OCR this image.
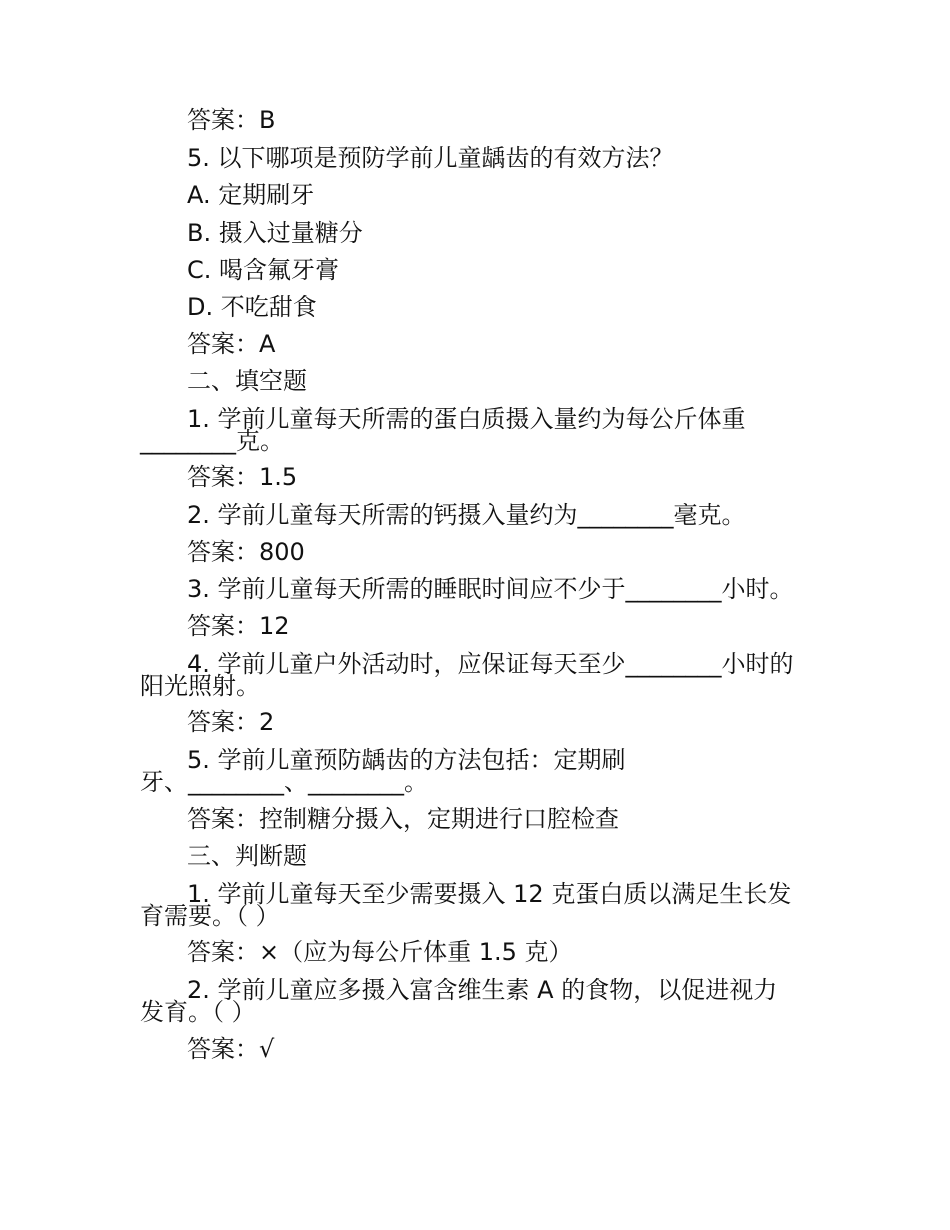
答案：B
5. 以下哪项是预防学前儿童龋齿的有效方法？
A. 定期刷牙
B. 摄入过量糖分
C. 喝含氟牙膏
D. 不吃甜食
答案：A
二、填空题
1. 学前儿童每天所需的蛋白质摄入量约为每公斤体重
________克。
答案：1.5
2. 学前儿童每天所需的钙摄入量约为________毫克。
答案：800
3. 学前儿童每天所需的睡眠时间应不少于________小时。
答案：12
4. 学前儿童户外活动时，应保证每天至少________小时的
阳光照射。
答案：2
5. 学前儿童预防龋齿的方法包括：定期刷
牙、________、________。
答案：控制糖分摄入，定期进行口腔检查
三、判断题
1. 学前儿童每天至少需要摄入 12 克蛋白质以满足生长发
育需要。（ ）
答案：×（应为每公斤体重 1.5 克）
2. 学前儿童应多摄入富含维生素 A 的食物，以促进视力
发育。（ ）
答案：√
